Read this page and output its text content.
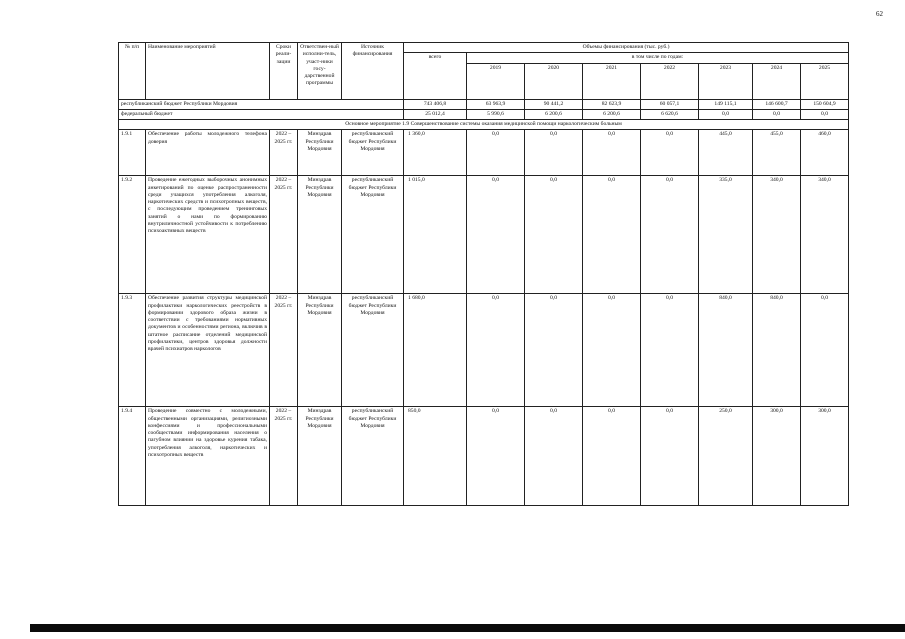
62
№ п/п	Наименование мероприятий	Сроки реали-зации	Ответствен-ный исполни-тель, участ-ники госу-дарственной программы	Источник финансирования	Объемы финансирования (тыс. руб.)							
					всего	в том числе по годам:						
						2019	2020	2021	2022	2023	2024	2025
республиканский бюджет Республики Мордовия					743 406,8	63 963,9	90 441,2	82 623,9	60 057,1	149 115,1	146 600,7	150 604,9
федеральный бюджет					25 012,4	5 990,6	6 200,6	6 200,6	6 620,6	0,0	0,0	0,0
Основное мероприятие 1.9 Совершенствование системы оказания медицинской помощи наркологическим больным												
1.9.1	Обеспечение работы молодежного телефона доверия	2022 – 2025 гг.	Минздрав Республики Мордовия	республиканский бюджет Республики Мордовия	1 360,0	0,0	0,0	0,0	0,0	445,0	455,0	460,0
1.9.2	Проведение ежегодных выборочных анонимных анкетирований по оценке распространенности среди учащихся употребления алкоголя, наркотических средств и психотропных веществ, с последующим проведением тренинговых занятий о нами по формированию внутриличностной устойчивости к потреблению психоактивных веществ	2022 – 2025 гг.	Минздрав Республики Мордовия	республиканский бюджет Республики Мордовия	1 015,0	0,0	0,0	0,0	0,0	335,0	340,0	340,0
1.9.3	Обеспечение развития структуры медицинской профилактики наркологических реестройств в формировании здорового образа жизни в соответствии с требованиями нормативных документов и особенностями региона, включив в штатное расписание отделений медицинской профилактики, центров здоровья должности врачей психиатров наркологов	2022 – 2025 гг.	Минздрав Республики Мордовия	республиканский бюджет Республики Мордовия	1 680,0	0,0	0,0	0,0	0,0	840,0	840,0	0,0
1.9.4	Проведение совместно с молодежными, общественными организациями, религиозными конфессиями и профессиональными сообществами информирования населения о пагубном влиянии на здоровье курения табака, употребления алкоголя, наркотических и психотропных веществ	2022 – 2025 гг.	Минздрав Республики Мордовия	республиканский бюджет Республики Мордовия	850,0	0,0	0,0	0,0	0,0	250,0	300,0	300,0
